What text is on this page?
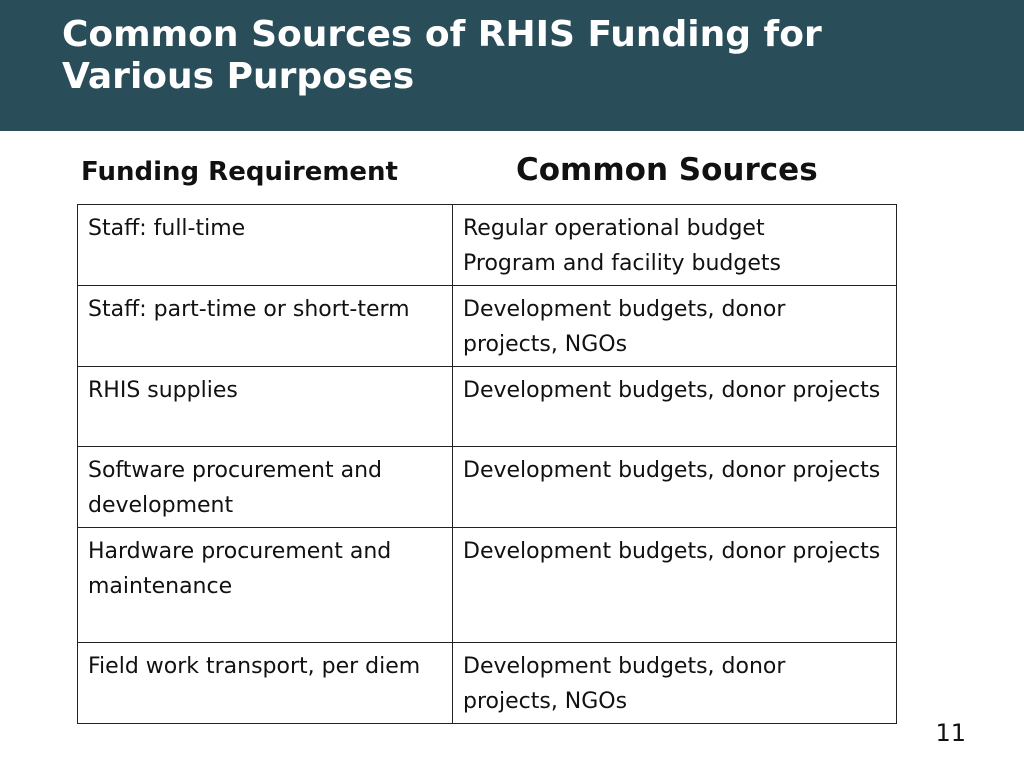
Common Sources of RHIS Funding for Various Purposes
Funding Requirement	Common Sources
Staff: full-time	Regular operational budget
Program and facility budgets

Staff: part-time or short-term	Development budgets, donor projects, NGOs
RHIS supplies	Development budgets, donor projects
Software procurement and development	Development budgets, donor projects
Hardware procurement and maintenance	Development budgets, donor projects
Field work transport, per diem	Development budgets, donor projects, NGOs
11
